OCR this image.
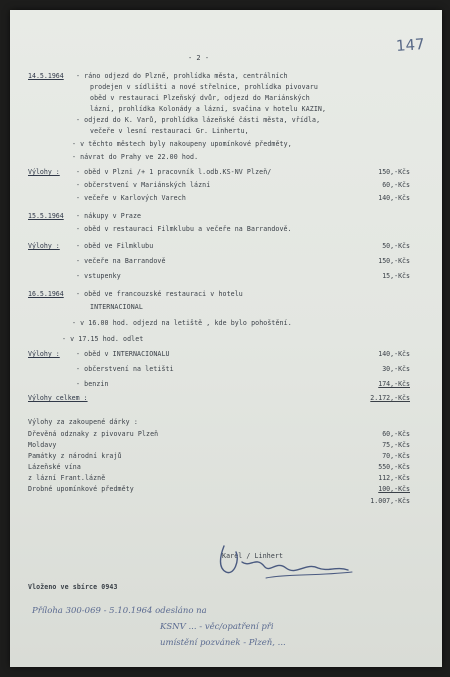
147
- 2 -
14.5.1964 - ráno odjezd do Plzně, prohlídka města, centrálních
prodejen v sídlišti a nové střelnice, prohlídka pivovaru
oběd v restauraci Plzeňský dvůr, odjezd do Mariánských
lázní, prohlídka Kolonády a lázní, svačina v hotelu KAZIN,
- odjezd do K. Varů, prohlídka lázeňské části města, vřídla,
večeře v lesní restauraci Gr. Linhertu,
- v těchto městech byly nakoupeny upomínkové předměty,
- návrat do Prahy ve 22.00 hod.
Výlohy : - oběd v Plzni /+ 1 pracovník l.odb.KS-NV Plzeň/	150,-Kčs
- občerstvení v Mariánských lázní	60,-Kčs
- večeře v Karlových Varech	140,-Kčs
15.5.1964 - nákupy v Praze
- oběd v restauraci Filmklubu a večeře na Barrandově.
Výlohy : - oběd ve Filmklubu	50,-Kčs
- večeře na Barrandově	150,-Kčs
- vstupenky	15,-Kčs
16.5.1964 - oběd ve francouzské restauraci v hotelu
INTERNACIONAL
- v 16.00 hod. odjezd na letiště , kde bylo pohoštění.
- v 17.15 hod. odlet
Výlohy : - oběd v INTERNACIONALU	140,-Kčs
- občerstvení na letišti	30,-Kčs
- benzin	174,-Kčs
Výlohy celkem :	2.172,-Kčs
Výlohy za zakoupené dárky :
Dřevěná odznaky z pivovaru Plzeň	60,-Kčs
Moldavy	75,-Kčs
Památky z národní krajů	70,-Kčs
Lázeňské vína	550,-Kčs
z lázní Frant.lázně	112,-Kčs
Drobné upomínkové předměty	100,-Kčs
1.007,-Kčs
Karel / Linhert
Vloženo ve sbírce 0943
Příloha 300-069 - 5.10.1964 odesláno na
KSNV ... - věc/opatření při
umístění pozvánek - Plzeň, ...
